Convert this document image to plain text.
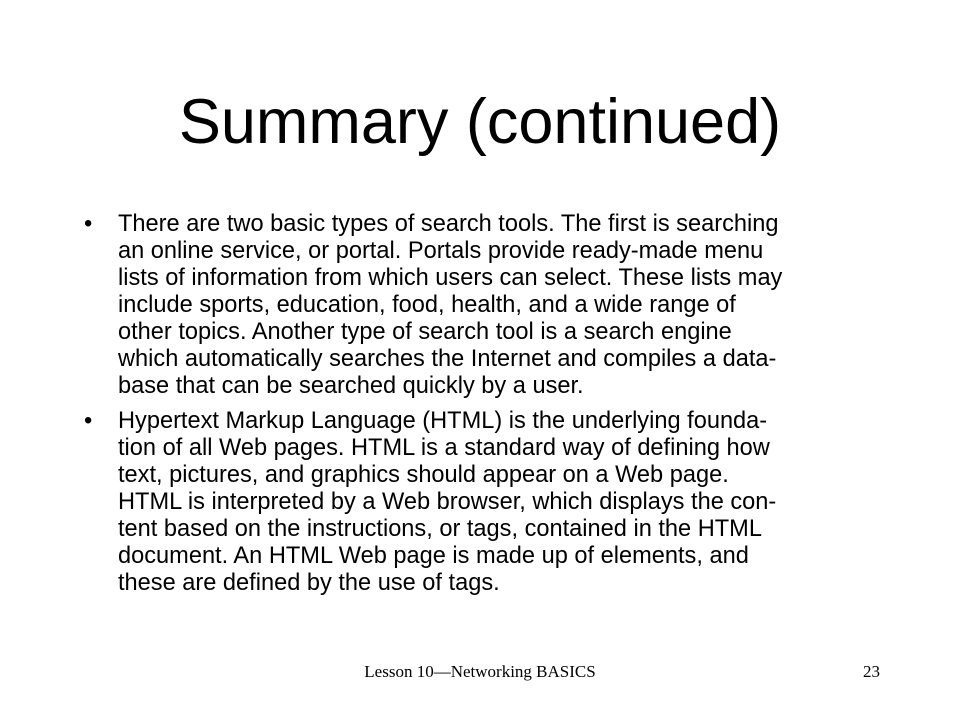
Summary (continued)
• There are two basic types of search tools. The first is searching
an online service, or portal. Portals provide ready-made menu
lists of information from which users can select. These lists may
include sports, education, food, health, and a wide range of
other topics. Another type of search tool is a search engine
which automatically searches the Internet and compiles a data-
base that can be searched quickly by a user.
• Hypertext Markup Language (HTML) is the underlying founda-
tion of all Web pages. HTML is a standard way of defining how
text, pictures, and graphics should appear on a Web page.
HTML is interpreted by a Web browser, which displays the con-
tent based on the instructions, or tags, contained in the HTML
document. An HTML Web page is made up of elements, and
these are defined by the use of tags.

Lesson 10—Networking BASICS	23
